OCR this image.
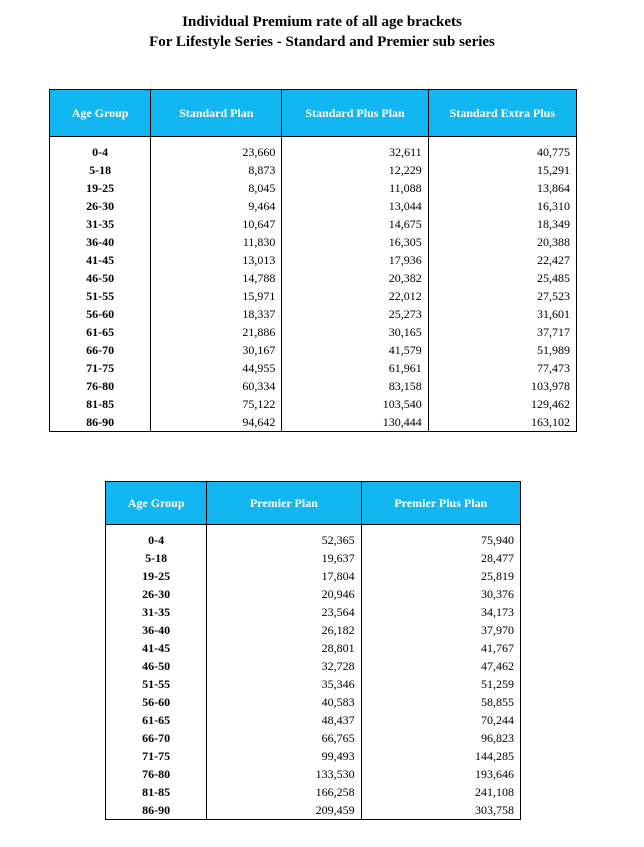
Individual Premium rate of all age brackets
For Lifestyle Series - Standard and Premier sub series
Age Group	Standard Plan	Standard Plus Plan	Standard Extra Plus

0-4	23,660	32,611	40,775
5-18	8,873	12,229	15,291
19-25	8,045	11,088	13,864
26-30	9,464	13,044	16,310
31-35	10,647	14,675	18,349
36-40	11,830	16,305	20,388
41-45	13,013	17,936	22,427
46-50	14,788	20,382	25,485
51-55	15,971	22,012	27,523
56-60	18,337	25,273	31,601
61-65	21,886	30,165	37,717
66-70	30,167	41,579	51,989
71-75	44,955	61,961	77,473
76-80	60,334	83,158	103,978
81-85	75,122	103,540	129,462
86-90	94,642	130,444	163,102
Age Group	Premier Plan	Premier Plus Plan

0-4	52,365	75,940
5-18	19,637	28,477
19-25	17,804	25,819
26-30	20,946	30,376
31-35	23,564	34,173
36-40	26,182	37,970
41-45	28,801	41,767
46-50	32,728	47,462
51-55	35,346	51,259
56-60	40,583	58,855
61-65	48,437	70,244
66-70	66,765	96,823
71-75	99,493	144,285
76-80	133,530	193,646
81-85	166,258	241,108
86-90	209,459	303,758
